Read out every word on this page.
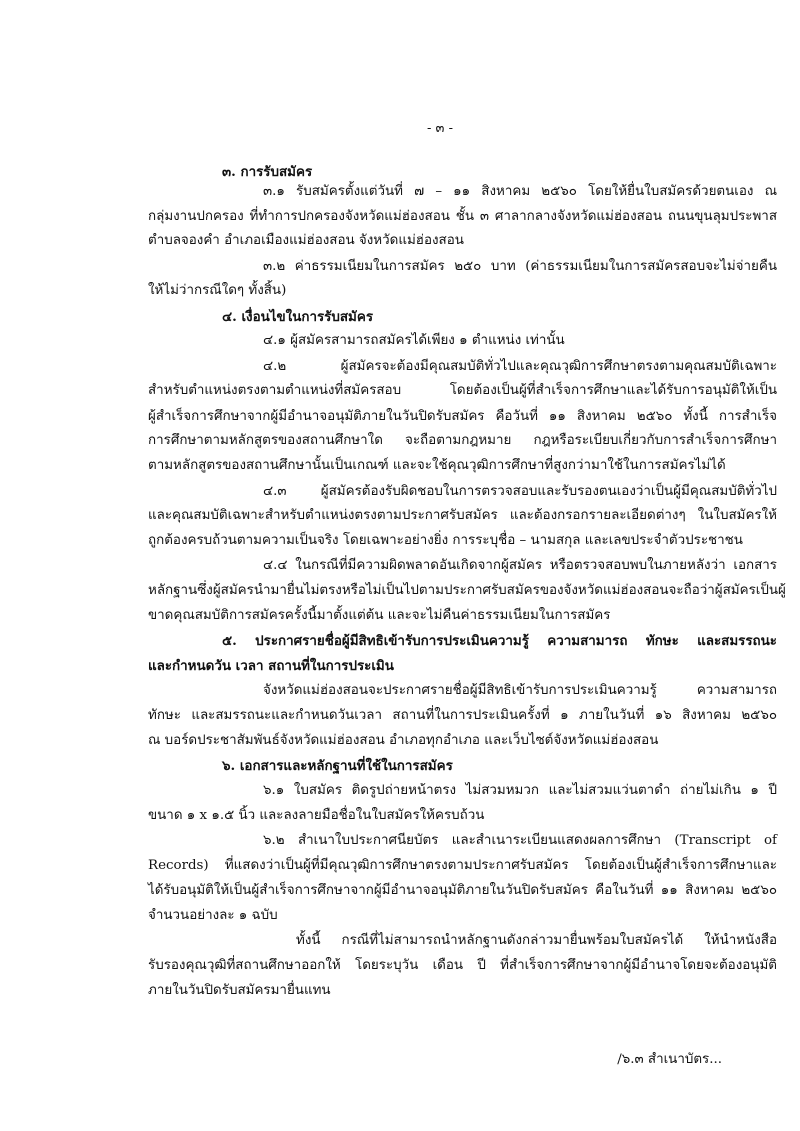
- ๓ -
๓. การรับสมัคร
๓.๑ รับสมัครตั้งแต่วันที่ ๗ – ๑๑ สิงหาคม ๒๕๖๐ โดยให้ยื่นใบสมัครด้วยตนเอง ณ
กลุ่มงานปกครอง ที่ทำการปกครองจังหวัดแม่ฮ่องสอน ชั้น ๓ ศาลากลางจังหวัดแม่ฮ่องสอน ถนนขุนลุมประพาส
ตำบลจองคำ อำเภอเมืองแม่ฮ่องสอน จังหวัดแม่ฮ่องสอน
๓.๒ ค่าธรรมเนียมในการสมัคร ๒๕๐ บาท (ค่าธรรมเนียมในการสมัครสอบจะไม่จ่ายคืน
ให้ไม่ว่ากรณีใดๆ ทั้งสิ้น)
๔. เงื่อนไขในการรับสมัคร
๔.๑ ผู้สมัครสามารถสมัครได้เพียง ๑ ตำแหน่ง เท่านั้น
๔.๒ ผู้สมัครจะต้องมีคุณสมบัติทั่วไปและคุณวุฒิการศึกษาตรงตามคุณสมบัติเฉพาะ
สำหรับตำแหน่งตรงตามตำแหน่งที่สมัครสอบ โดยต้องเป็นผู้ที่สำเร็จการศึกษาและได้รับการอนุมัติให้เป็น
ผู้สำเร็จการศึกษาจากผู้มีอำนาจอนุมัติภายในวันปิดรับสมัคร คือวันที่ ๑๑ สิงหาคม ๒๕๖๐ ทั้งนี้ การสำเร็จ
การศึกษาตามหลักสูตรของสถานศึกษาใด จะถือตามกฎหมาย กฎหรือระเบียบเกี่ยวกับการสำเร็จการศึกษา
ตามหลักสูตรของสถานศึกษานั้นเป็นเกณฑ์ และจะใช้คุณวุฒิการศึกษาที่สูงกว่ามาใช้ในการสมัครไม่ได้
๔.๓ ผู้สมัครต้องรับผิดชอบในการตรวจสอบและรับรองตนเองว่าเป็นผู้มีคุณสมบัติทั่วไป
และคุณสมบัติเฉพาะสำหรับตำแหน่งตรงตามประกาศรับสมัคร และต้องกรอกรายละเอียดต่างๆ ในใบสมัครให้
ถูกต้องครบถ้วนตามความเป็นจริง โดยเฉพาะอย่างยิ่ง การระบุชื่อ – นามสกุล และเลขประจำตัวประชาชน
๔.๔ ในกรณีที่มีความผิดพลาดอันเกิดจากผู้สมัคร หรือตรวจสอบพบในภายหลังว่า เอกสาร
หลักฐานซึ่งผู้สมัครนำมายื่นไม่ตรงหรือไม่เป็นไปตามประกาศรับสมัครของจังหวัดแม่ฮ่องสอนจะถือว่าผู้สมัครเป็นผู้
ขาดคุณสมบัติการสมัครครั้งนี้มาตั้งแต่ต้น และจะไม่คืนค่าธรรมเนียมในการสมัคร
๕. ประกาศรายชื่อผู้มีสิทธิเข้ารับการประเมินความรู้ ความสามารถ ทักษะ และสมรรถนะ
และกำหนดวัน เวลา สถานที่ในการประเมิน
จังหวัดแม่ฮ่องสอนจะประกาศรายชื่อผู้มีสิทธิเข้ารับการประเมินความรู้ ความสามารถ
ทักษะ และสมรรถนะและกำหนดวันเวลา สถานที่ในการประเมินครั้งที่ ๑ ภายในวันที่ ๑๖ สิงหาคม ๒๕๖๐
ณ บอร์ดประชาสัมพันธ์จังหวัดแม่ฮ่องสอน อำเภอทุกอำเภอ และเว็บไซต์จังหวัดแม่ฮ่องสอน
๖. เอกสารและหลักฐานที่ใช้ในการสมัคร
๖.๑ ใบสมัคร ติดรูปถ่ายหน้าตรง ไม่สวมหมวก และไม่สวมแว่นตาดำ ถ่ายไม่เกิน ๑ ปี
ขนาด ๑ x ๑.๕ นิ้ว และลงลายมือชื่อในใบสมัครให้ครบถ้วน
๖.๒ สำเนาใบประกาศนียบัตร และสำเนาระเบียนแสดงผลการศึกษา (Transcript of
Records) ที่แสดงว่าเป็นผู้ที่มีคุณวุฒิการศึกษาตรงตามประกาศรับสมัคร โดยต้องเป็นผู้สำเร็จการศึกษาและ
ได้รับอนุมัติให้เป็นผู้สำเร็จการศึกษาจากผู้มีอำนาจอนุมัติภายในวันปิดรับสมัคร คือในวันที่ ๑๑ สิงหาคม ๒๕๖๐
จำนวนอย่างละ ๑ ฉบับ
ทั้งนี้ กรณีที่ไม่สามารถนำหลักฐานดังกล่าวมายื่นพร้อมใบสมัครได้ ให้นำหนังสือ
รับรองคุณวุฒิที่สถานศึกษาออกให้ โดยระบุวัน เดือน ปี ที่สำเร็จการศึกษาจากผู้มีอำนาจโดยจะต้องอนุมัติ
ภายในวันปิดรับสมัครมายื่นแทน
/๖.๓ สำเนาบัตร...
